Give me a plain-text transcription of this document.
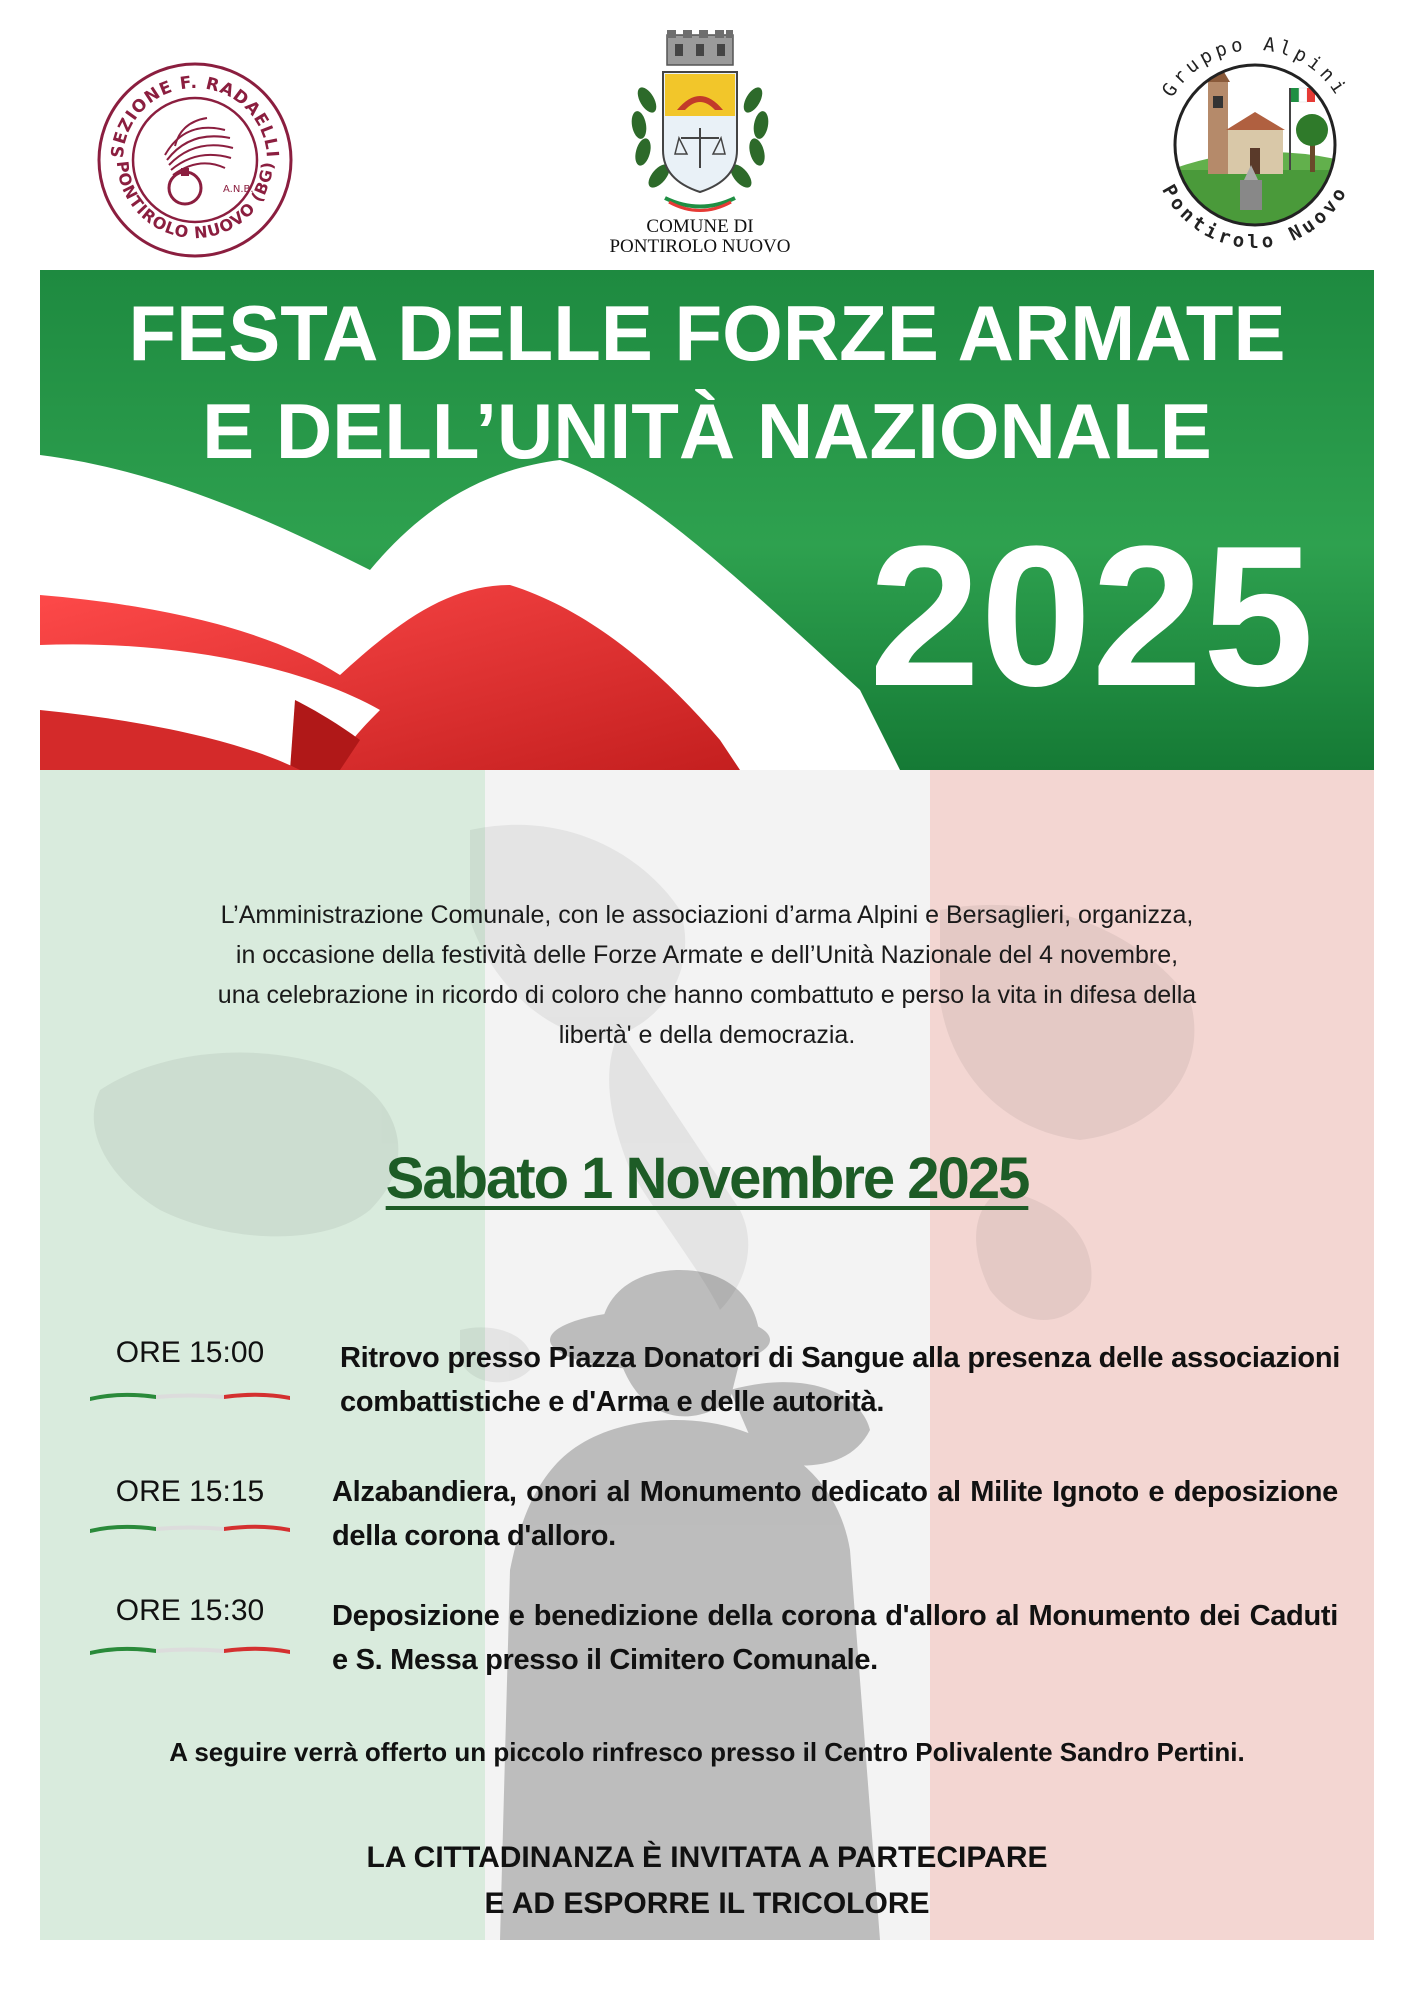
SEZIONE F. RADAELLI
PONTIROLO NUOVO (BG)
A.N.B.
COMUNE DI
PONTIROLO NUOVO
Gruppo Alpini
Pontirolo Nuovo
FESTA DELLE FORZE ARMATE
E DELL’UNITÀ NAZIONALE
2025
L’Amministrazione Comunale, con le associazioni d’arma Alpini e Bersaglieri, organizza,
in occasione della festività delle Forze Armate e dell’Unità Nazionale del 4 novembre,
una celebrazione in ricordo di coloro che hanno combattuto e perso la vita in difesa della
libertà' e della democrazia.
Sabato 1 Novembre 2025
ORE 15:00	Ritrovo presso Piazza Donatori di Sangue alla presenza delle associazioni combattistiche e d'Arma e delle autorità.
ORE 15:15	Alzabandiera, onori al Monumento dedicato al Milite Ignoto e deposizione della corona d'alloro.
ORE 15:30	Deposizione e benedizione della corona d'alloro al Monumento dei Caduti e S. Messa presso il Cimitero Comunale.
A seguire verrà offerto un piccolo rinfresco presso il Centro Polivalente Sandro Pertini.
LA CITTADINANZA È INVITATA A PARTECIPARE
E AD ESPORRE IL TRICOLORE
